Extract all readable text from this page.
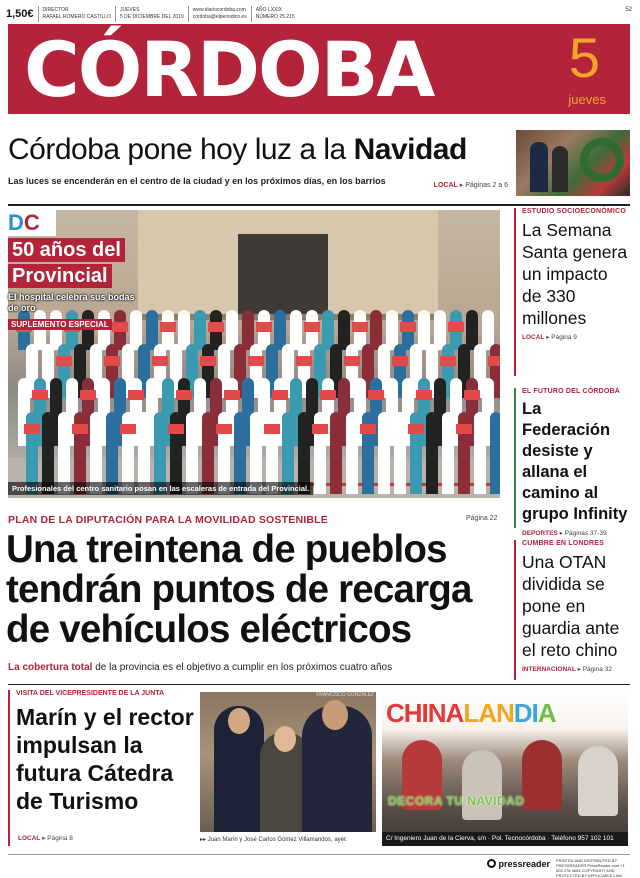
1,50€	DIRECTOR
RAFAEL ROMERO CASTILLO
JUEVES
5 DE DICIEMBRE DEL 2019
www.diariocordoba.com
cordoba@elperiodico.es
AÑO LXXIX
NÚMERO 25.215
52
CÓRDOBA 5
jueves
Córdoba pone hoy luz a la Navidad
Las luces se encenderán en el centro de la ciudad y en los próximos días, en los barrios	LOCAL ▸ Páginas 2 a 6
DC
50 años del Provincial
El hospital celebra sus bodas de oro
SUPLEMENTO ESPECIAL
Profesionales del centro sanitario posan en las escaleras de entrada del Provincial.
ESTUDIO SOCIOECONÓMICO
La Semana Santa genera un impacto de 330 millones
LOCAL ▸ Página 9
EL FUTURO DEL CÓRDOBA
La Federación desiste y allana el camino al grupo Infinity
DEPORTES ▸ Páginas 37-39
CUMBRE EN LONDRES
Una OTAN dividida se pone en guardia ante el reto chino
INTERNACIONAL ▸ Página 32
PLAN DE LA DIPUTACIÓN PARA LA MOVILIDAD SOSTENIBLE	Página 22
Una treintena de pueblos tendrán puntos de recarga de vehículos eléctricos
La cobertura total de la provincia es el objetivo a cumplir en los próximos cuatro años
VISITA DEL VICEPRESIDENTE DE LA JUNTA
Marín y el rector impulsan la futura Cátedra de Turismo
LOCAL ▸ Página 8
FRANCISCO GONZÁLEZ
▸▸ Juan Marín y José Carlos Gómez Villamandos, ayer.
CHINALANDIA
DECORA TU NAVIDAD
C/ Ingeniero Juan de la Cierva, s/n · Pol. Tecnocórdoba · Teléfono 957 102 101
pressreader PRINTED AND DISTRIBUTED BY PRESSREADER PressReader.com +1 604 278 4604 COPYRIGHT AND PROTECTED BY APPLICABLE LAW
